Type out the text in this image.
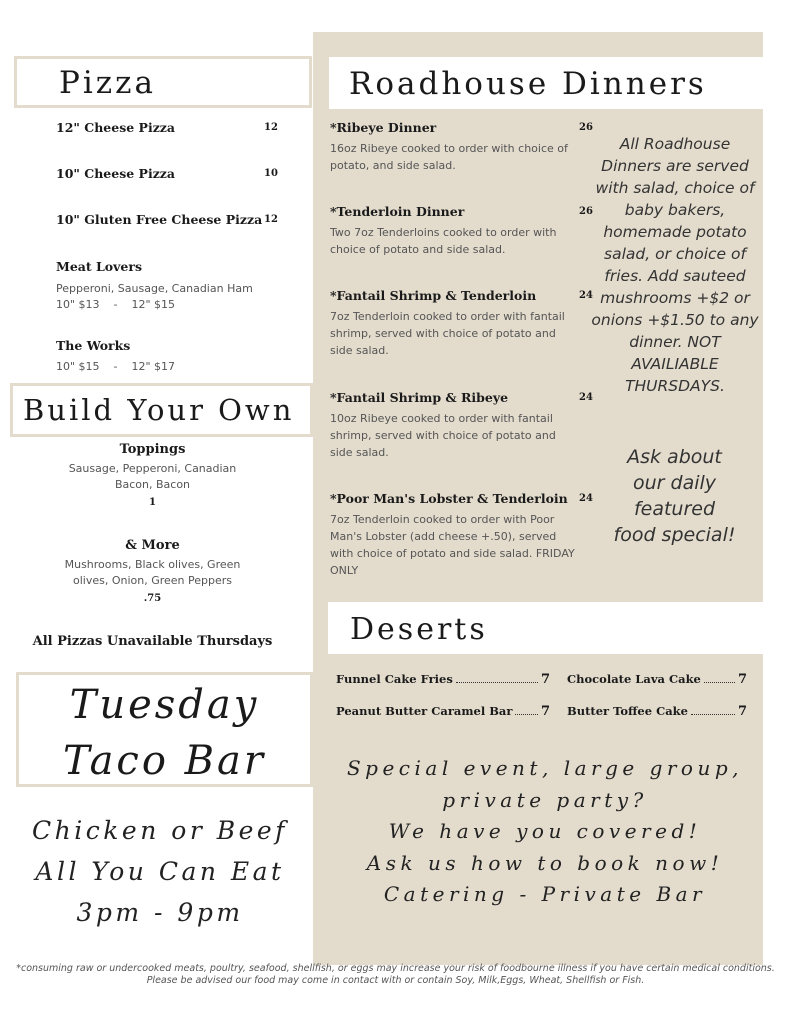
Pizza
12" Cheese Pizza	12
10" Cheese Pizza	10
10" Gluten Free Cheese Pizza 12
Meat Lovers
Pepperoni, Sausage, Canadian Ham
10" $13    -    12" $15
The Works
10" $15    -    12" $17
Build Your Own
Toppings
Sausage, Pepperoni, Canadian Bacon, Bacon
1
& More
Mushrooms, Black olives, Green olives, Onion, Green Peppers
.75
All Pizzas Unavailable Thursdays
Tuesday
Taco Bar
Chicken or Beef
All You Can Eat
3pm - 9pm
Roadhouse Dinners
*Ribeye Dinner
16oz Ribeye cooked to order with choice of potato, and side salad.
26
*Tenderloin Dinner
Two 7oz Tenderloins cooked to order with choice of potato and side salad.
26
*Fantail Shrimp & Tenderloin
7oz Tenderloin cooked to order with fantail shrimp, served with choice of potato and side salad.
24
*Fantail Shrimp & Ribeye
10oz Ribeye cooked to order with fantail shrimp, served with choice of potato and side salad.
24
*Poor Man's Lobster & Tenderloin
7oz Tenderloin cooked to order with Poor Man's Lobster (add cheese +.50), served with choice of potato and side salad. FRIDAY ONLY
24
All Roadhouse Dinners are served with salad, choice of baby bakers, homemade potato salad, or choice of fries. Add sauteed mushrooms +$2 or onions +$1.50 to any dinner. NOT AVAILIABLE THURSDAYS.
Ask about our daily featured food special!
Deserts
Funnel Cake Fries	7 Chocolate Lava Cake	7
Peanut Butter Caramel Bar 7 Butter Toffee Cake	7
Special event, large group,
private party?
We have you covered!
Ask us how to book now!
Catering - Private Bar
*consuming raw or undercooked meats, poultry, seafood, shellfish, or eggs may increase your risk of foodbourne illness if you have certain medical conditions. Please be advised our food may come in contact with or contain Soy, Milk,Eggs, Wheat, Shellfish or Fish.
